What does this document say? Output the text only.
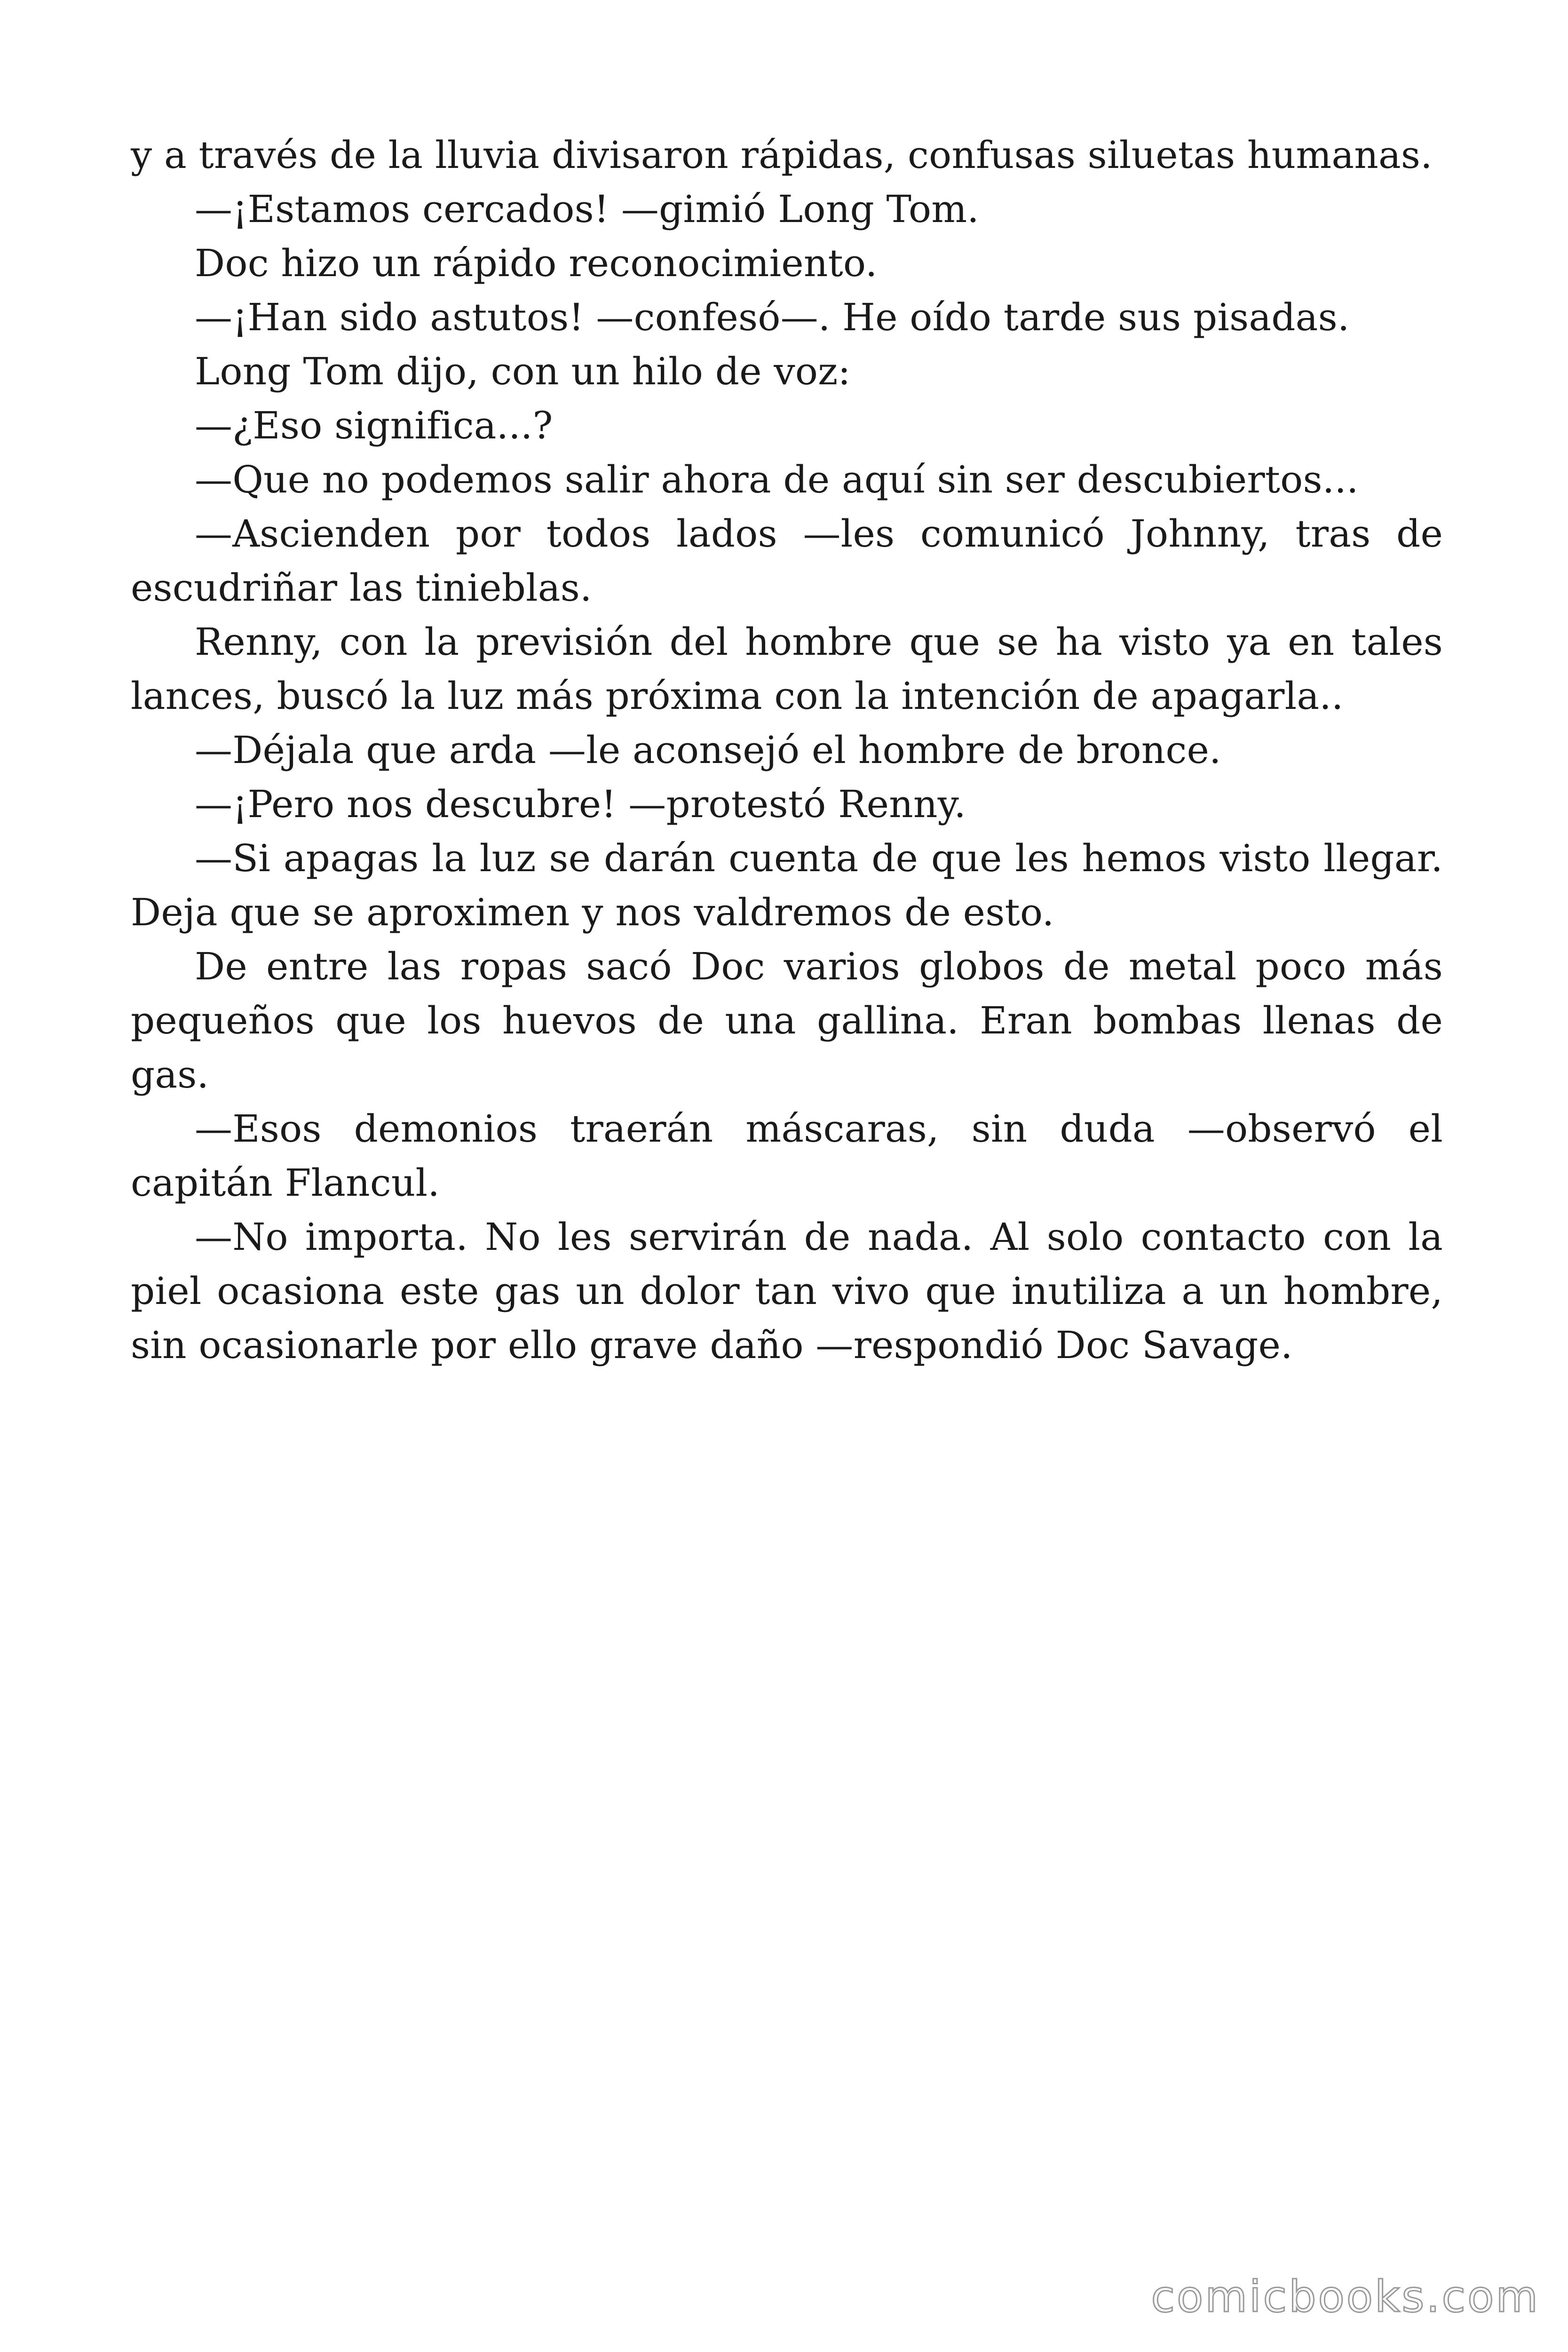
y a través de la lluvia divisaron rápidas, confusas siluetas humanas.

—¡Estamos cercados! —gimió Long Tom.

Doc hizo un rápido reconocimiento.

—¡Han sido astutos! —confesó—. He oído tarde sus pisadas.

Long Tom dijo, con un hilo de voz:

—¿Eso significa...?

—Que no podemos salir ahora de aquí sin ser descubiertos...

—Ascienden por todos lados —les comunicó Johnny, tras de escudriñar las tinieblas.

Renny, con la previsión del hombre que se ha visto ya en tales lances, buscó la luz más próxima con la intención de apagarla..

—Déjala que arda —le aconsejó el hombre de bronce.

—¡Pero nos descubre! —protestó Renny.

—Si apagas la luz se darán cuenta de que les hemos visto llegar. Deja que se aproximen y nos valdremos de esto.

De entre las ropas sacó Doc varios globos de metal poco más pequeños que los huevos de una gallina. Eran bombas llenas de gas.

—Esos demonios traerán máscaras, sin duda —observó el capitán Flancul.

—No importa. No les servirán de nada. Al solo contacto con la piel ocasiona este gas un dolor tan vivo que inutiliza a un hombre, sin ocasionarle por ello grave daño —respondió Doc Savage.

comicbooks.com
